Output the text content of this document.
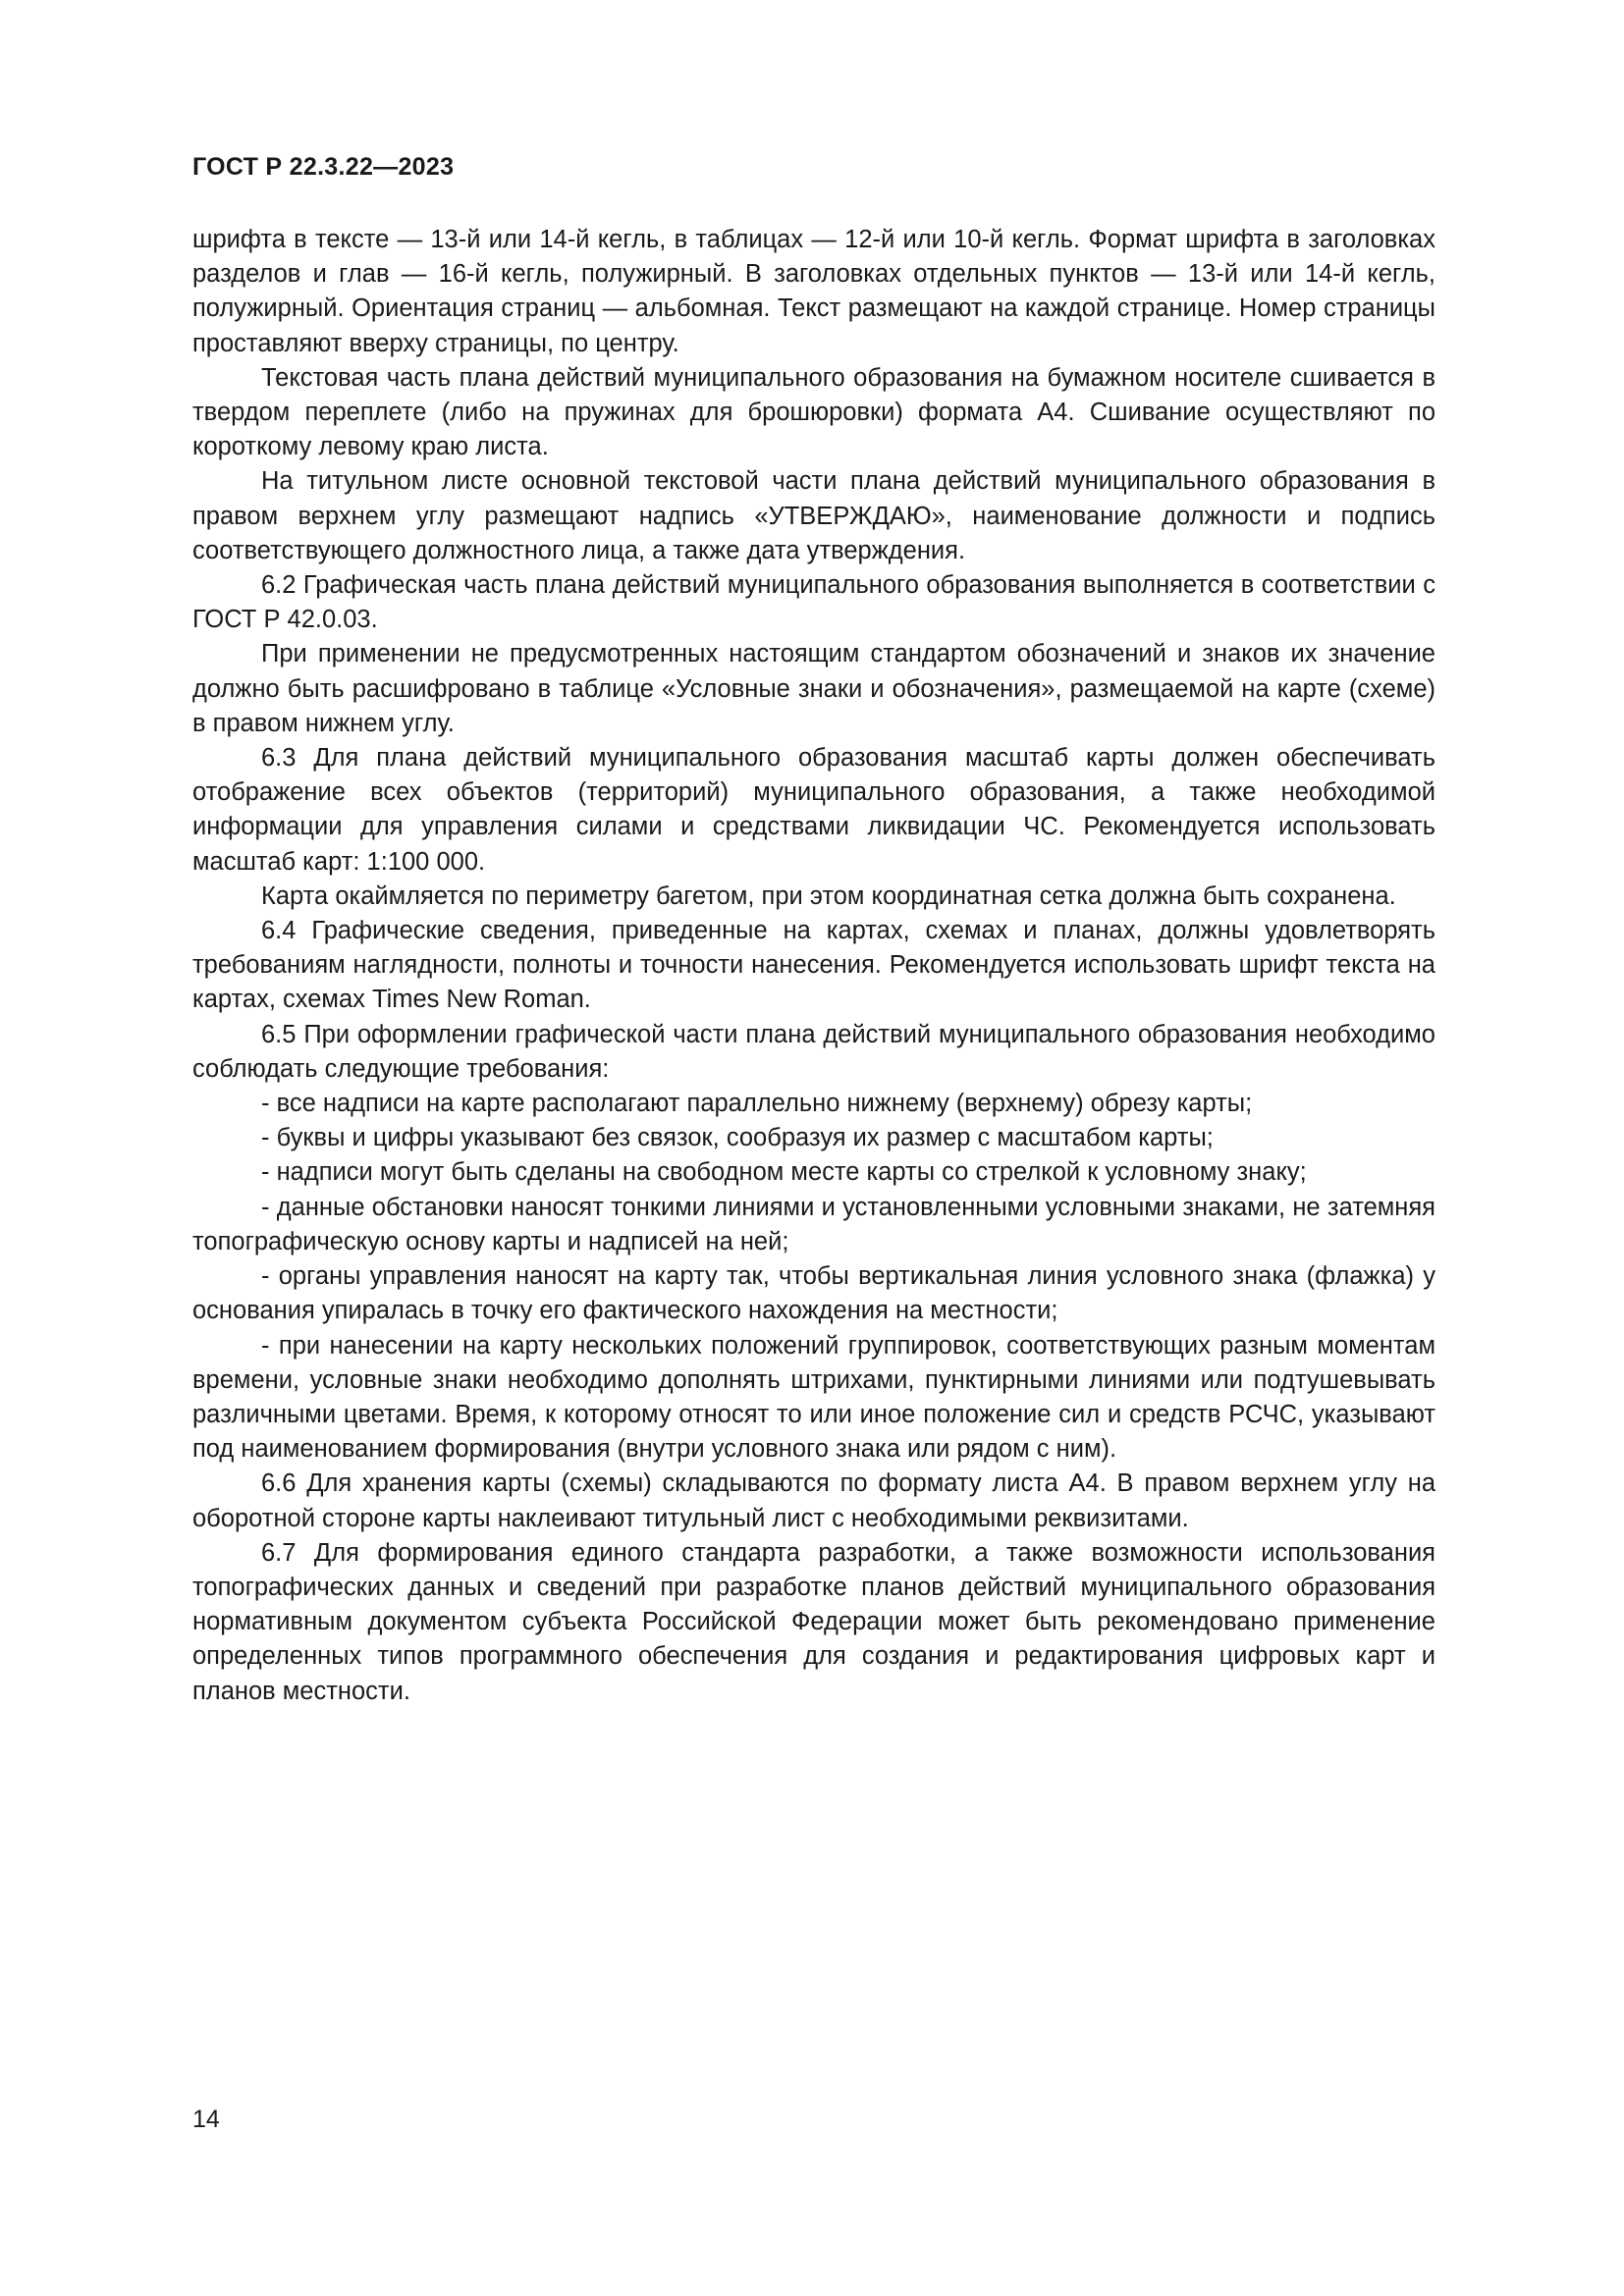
ГОСТ Р 22.3.22—2023

шрифта в тексте — 13-й или 14-й кегль, в таблицах — 12-й или 10-й кегль. Формат шрифта в заголовках разделов и глав — 16-й кегль, полужирный. В заголовках отдельных пунктов — 13-й или 14-й кегль, полужирный. Ориентация страниц — альбомная. Текст размещают на каждой странице. Номер страницы проставляют вверху страницы, по центру.

Текстовая часть плана действий муниципального образования на бумажном носителе сшивается в твердом переплете (либо на пружинах для брошюровки) формата А4. Сшивание осуществляют по короткому левому краю листа.

На титульном листе основной текстовой части плана действий муниципального образования в правом верхнем углу размещают надпись «УТВЕРЖДАЮ», наименование должности и подпись соответствующего должностного лица, а также дата утверждения.

6.2 Графическая часть плана действий муниципального образования выполняется в соответствии с ГОСТ Р 42.0.03.

При применении не предусмотренных настоящим стандартом обозначений и знаков их значение должно быть расшифровано в таблице «Условные знаки и обозначения», размещаемой на карте (схеме) в правом нижнем углу.

6.3 Для плана действий муниципального образования масштаб карты должен обеспечивать отображение всех объектов (территорий) муниципального образования, а также необходимой информации для управления силами и средствами ликвидации ЧС. Рекомендуется использовать масштаб карт: 1:100 000.

Карта окаймляется по периметру багетом, при этом координатная сетка должна быть сохранена.

6.4 Графические сведения, приведенные на картах, схемах и планах, должны удовлетворять требованиям наглядности, полноты и точности нанесения. Рекомендуется использовать шрифт текста на картах, схемах Times New Roman.

6.5 При оформлении графической части плана действий муниципального образования необходимо соблюдать следующие требования:

- все надписи на карте располагают параллельно нижнему (верхнему) обрезу карты;

- буквы и цифры указывают без связок, сообразуя их размер с масштабом карты;

- надписи могут быть сделаны на свободном месте карты со стрелкой к условному знаку;

- данные обстановки наносят тонкими линиями и установленными условными знаками, не затемняя топографическую основу карты и надписей на ней;

- органы управления наносят на карту так, чтобы вертикальная линия условного знака (флажка) у основания упиралась в точку его фактического нахождения на местности;

- при нанесении на карту нескольких положений группировок, соответствующих разным моментам времени, условные знаки необходимо дополнять штрихами, пунктирными линиями или подтушевывать различными цветами. Время, к которому относят то или иное положение сил и средств РСЧС, указывают под наименованием формирования (внутри условного знака или рядом с ним).

6.6 Для хранения карты (схемы) складываются по формату листа А4. В правом верхнем углу на оборотной стороне карты наклеивают титульный лист с необходимыми реквизитами.

6.7 Для формирования единого стандарта разработки, а также возможности использования топографических данных и сведений при разработке планов действий муниципального образования нормативным документом субъекта Российской Федерации может быть рекомендовано применение определенных типов программного обеспечения для создания и редактирования цифровых карт и планов местности.

14
